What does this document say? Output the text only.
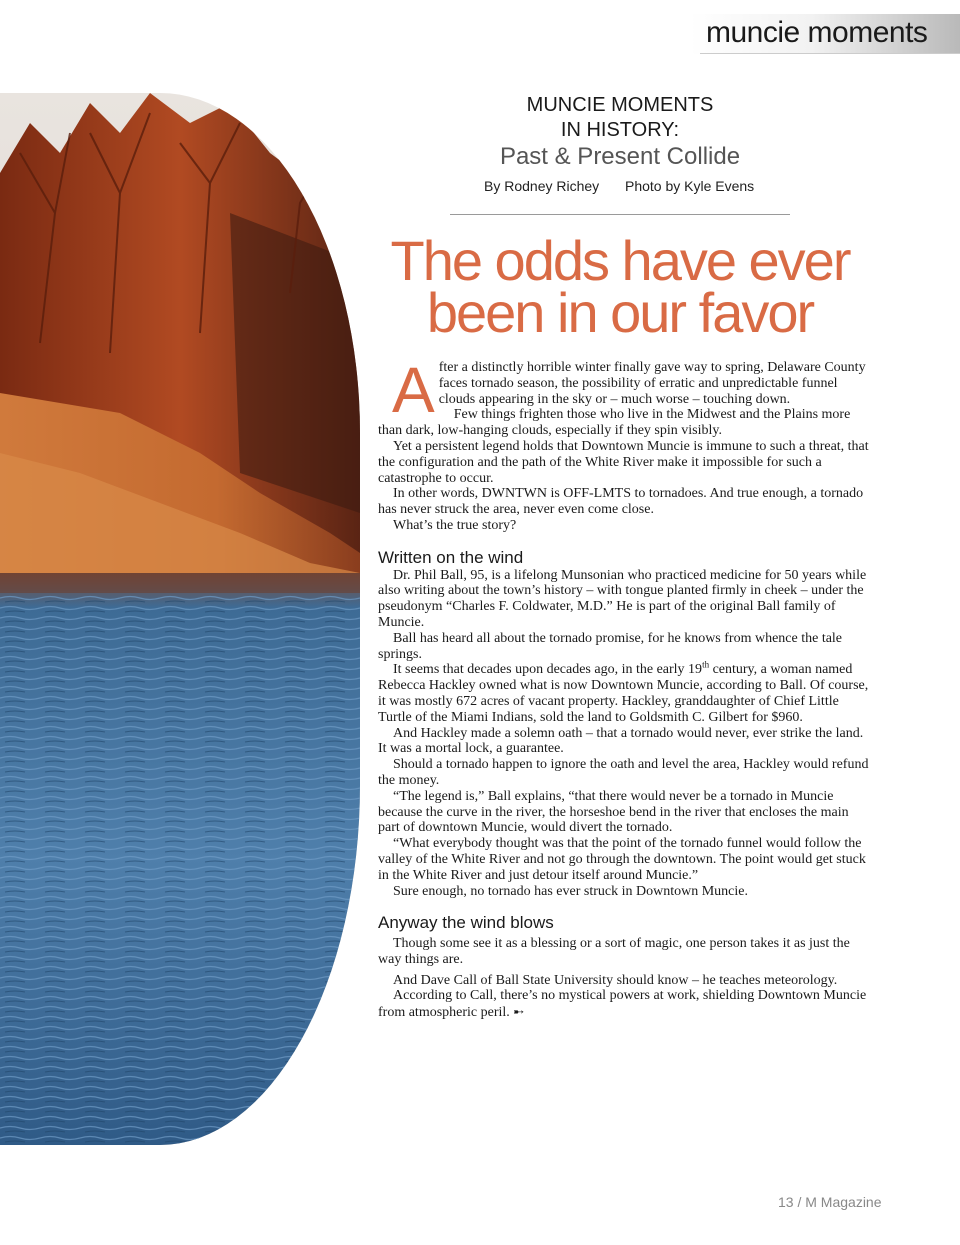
muncie moments
MUNCIE MOMENTS
IN HISTORY:
Past & Present Collide
By Rodney Richey Photo by Kyle Evens
The odds have ever
been in our favor

After a distinctly horrible winter finally gave way to spring, Delaware County faces tornado season, the possibility of erratic and unpredictable funnel clouds appearing in the sky or – much worse – touching down.

Few things frighten those who live in the Midwest and the Plains more than dark, low-hanging clouds, especially if they spin visibly.

Yet a persistent legend holds that Downtown Muncie is immune to such a threat, that the configuration and the path of the White River make it impossible for such a catastrophe to occur.

In other words, DWNTWN is OFF-LMTS to tornadoes. And true enough, a tornado has never struck the area, never even come close.

What’s the true story?

Written on the wind

Dr. Phil Ball, 95, is a lifelong Munsonian who practiced medicine for 50 years while also writing about the town’s history – with tongue planted firmly in cheek – under the pseudonym “Charles F. Coldwater, M.D.” He is part of the original Ball family of Muncie.

Ball has heard all about the tornado promise, for he knows from whence the tale springs.

It seems that decades upon decades ago, in the early 19th century, a woman named Rebecca Hackley owned what is now Downtown Muncie, according to Ball. Of course, it was mostly 672 acres of vacant property. Hackley, granddaughter of Chief Little Turtle of the Miami Indians, sold the land to Goldsmith C. Gilbert for $960.

And Hackley made a solemn oath – that a tornado would never, ever strike the land. It was a mortal lock, a guarantee.

Should a tornado happen to ignore the oath and level the area, Hackley would refund the money.

“The legend is,” Ball explains, “that there would never be a tornado in Muncie because the curve in the river, the horseshoe bend in the river that encloses the main part of downtown Muncie, would divert the tornado.

“What everybody thought was that the point of the tornado funnel would follow the valley of the White River and not go through the downtown. The point would get stuck in the White River and just detour itself around Muncie.”

Sure enough, no tornado has ever struck in Downtown Muncie.

Anyway the wind blows

Though some see it as a blessing or a sort of magic, one person takes it as just the way things are.

And Dave Call of Ball State University should know – he teaches meteorology.

According to Call, there’s no mystical powers at work, shielding Downtown Muncie from atmospheric peril. ➸

13 / M Magazine
